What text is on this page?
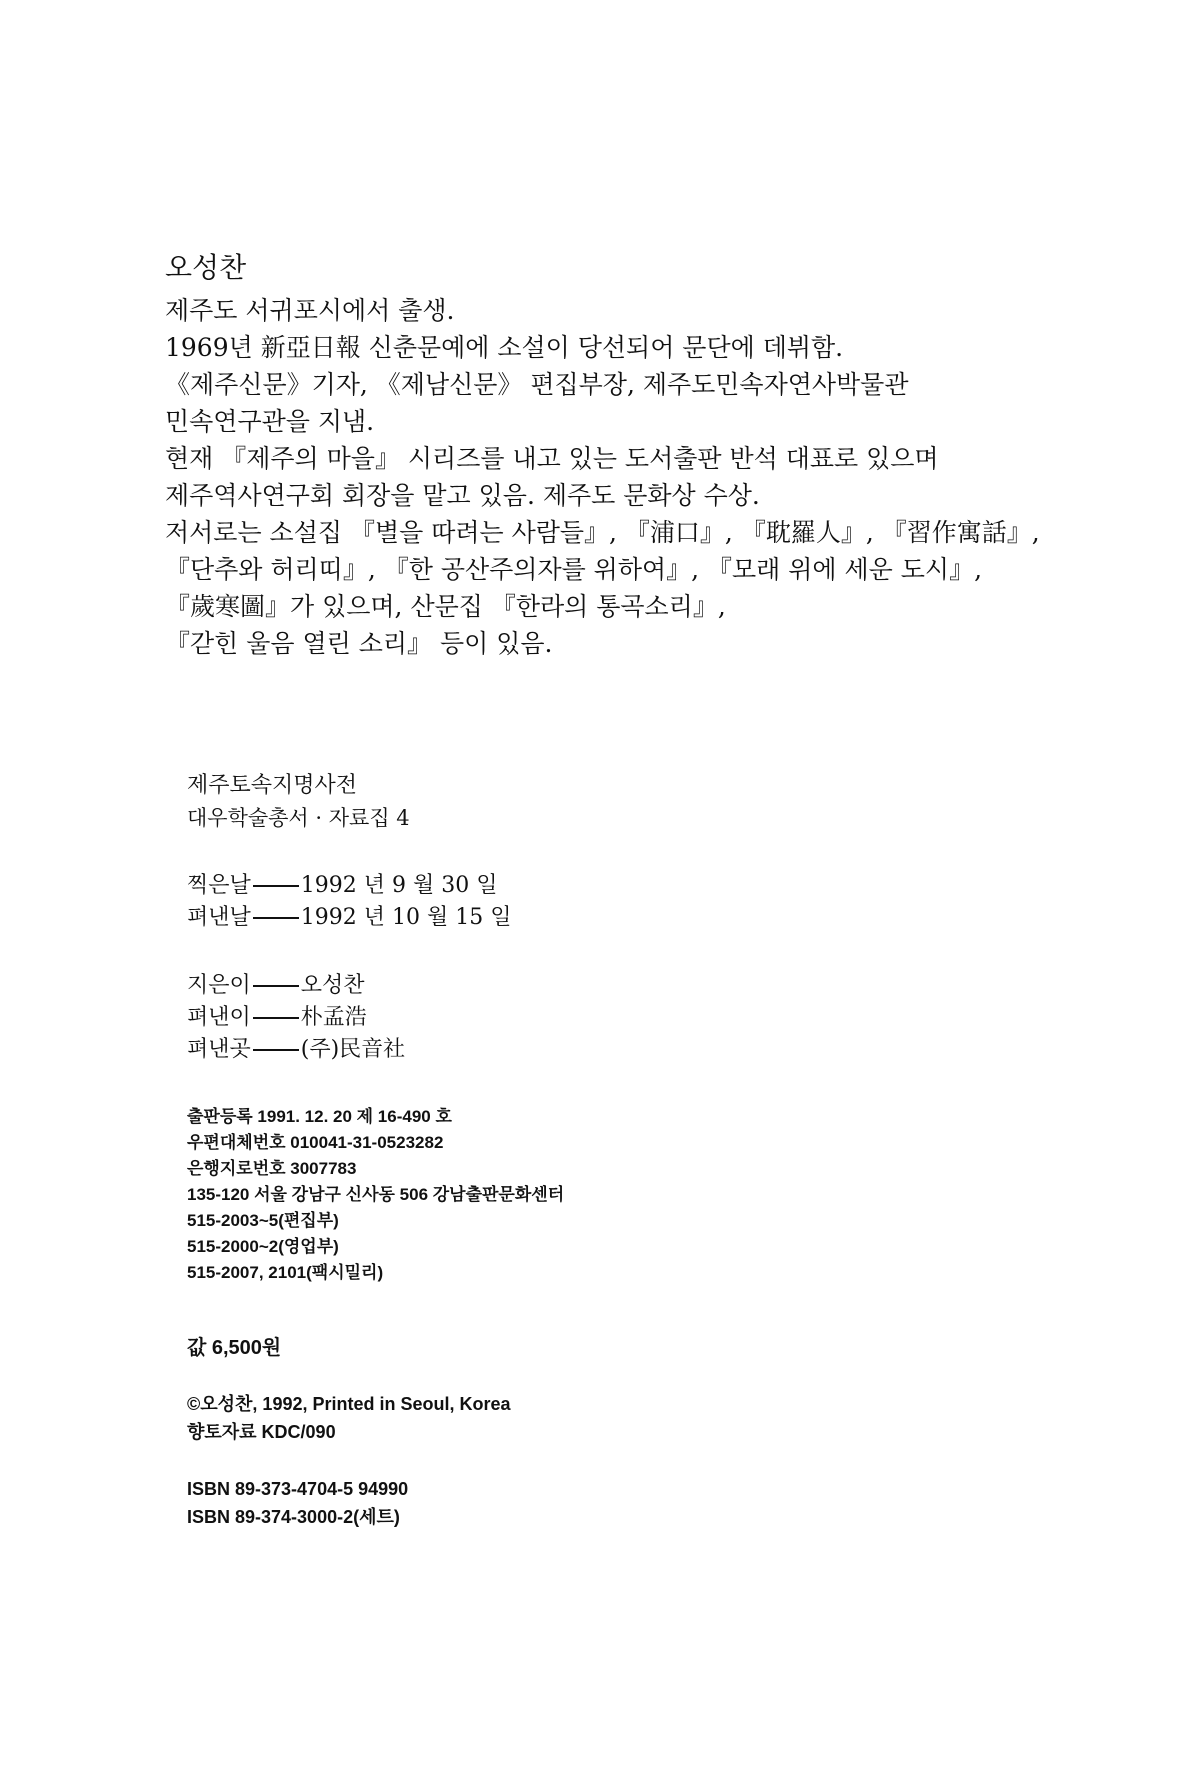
오성찬
제주도 서귀포시에서 출생.
1969년 新亞日報 신춘문예에 소설이 당선되어 문단에 데뷔함.
《제주신문》기자, 《제남신문》 편집부장, 제주도민속자연사박물관
민속연구관을 지냄.
현재 『제주의 마을』 시리즈를 내고 있는 도서출판 반석 대표로 있으며
제주역사연구회 회장을 맡고 있음. 제주도 문화상 수상.
저서로는 소설집 『별을 따려는 사람들』, 『浦口』, 『耽羅人』, 『習作寓話』,
『단추와 허리띠』, 『한 공산주의자를 위하여』, 『모래 위에 세운 도시』,
『歲寒圖』가 있으며, 산문집 『한라의 통곡소리』,
『갇힌 울음 열린 소리』 등이 있음.
제주토속지명사전

대우학술총서 · 자료집 4

찍은날 1992 년 9 월 30 일
펴낸날 1992 년 10 월 15 일
지은이 오성찬
펴낸이 朴孟浩
펴낸곳 (주)民音社
출판등록 1991. 12. 20 제 16-490 호
우편대체번호 010041-31-0523282
은행지로번호 3007783
135-120 서울 강남구 신사동 506 강남출판문화센터
515-2003~5(편집부)
515-2000~2(영업부)
515-2007, 2101(팩시밀리)

값 6,500원

©오성찬, 1992, Printed in Seoul, Korea
향토자료 KDC/090
ISBN 89-373-4704-5 94990
ISBN 89-374-3000-2(세트)
